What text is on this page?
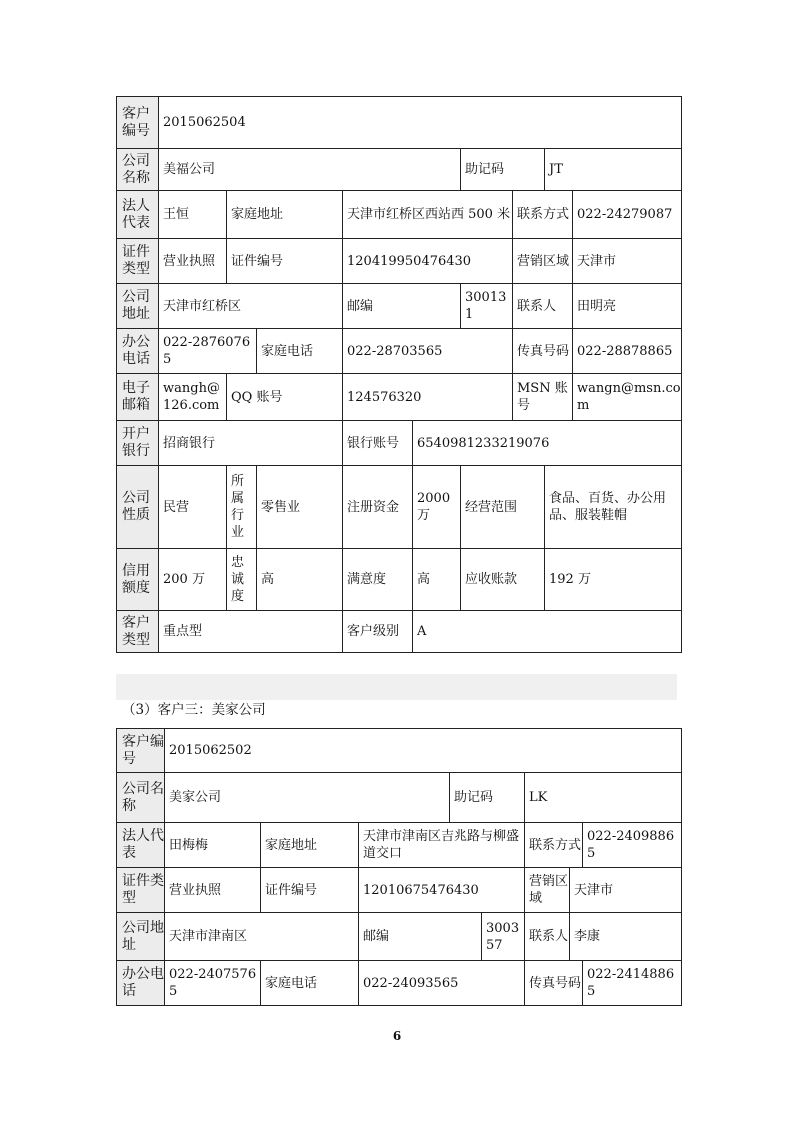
客户编号	2015062504								
公司名称	美福公司					助记码		JT	
法人代表	王恒	家庭地址		天津市红桥区西站西 500 米			联系方式		022-24279087
证件类型	营业执照	证件编号		120419950476430			营销区域		天津市
公司地址	天津市红桥区			邮编		300131	联系人		田明亮
办公电话	022-28760765		家庭电话	022-28703565			传真号码		022-28878865
电子邮箱	wangh@126.com	QQ 账号		124576320			MSN 账号		wangn@msn.com
开户银行	招商银行			银行账号	6540981233219076				
公司性质	民营	所属行业	零售业	注册资金	2000 万	经营范围		食品、百货、办公用品、服装鞋帽	
信用额度	200 万	忠诚度	高	满意度	高	应收账款		192 万	
客户类型	重点型			客户级别	A				
（3）客户三：美家公司
客户编号	2015062502							
公司名称	美家公司			助记码		LK		
法人代表	田梅梅	家庭地址	天津市津南区吉兆路与柳盛道交口			联系方式		022-24098865
证件类型	营业执照	证件编号	12010675476430			营销区域	天津市	
公司地址	天津市津南区		邮编		300357	联系人	李康	
办公电话	022-24075765	家庭电话	022-24093565			传真号码		022-24148865
6
